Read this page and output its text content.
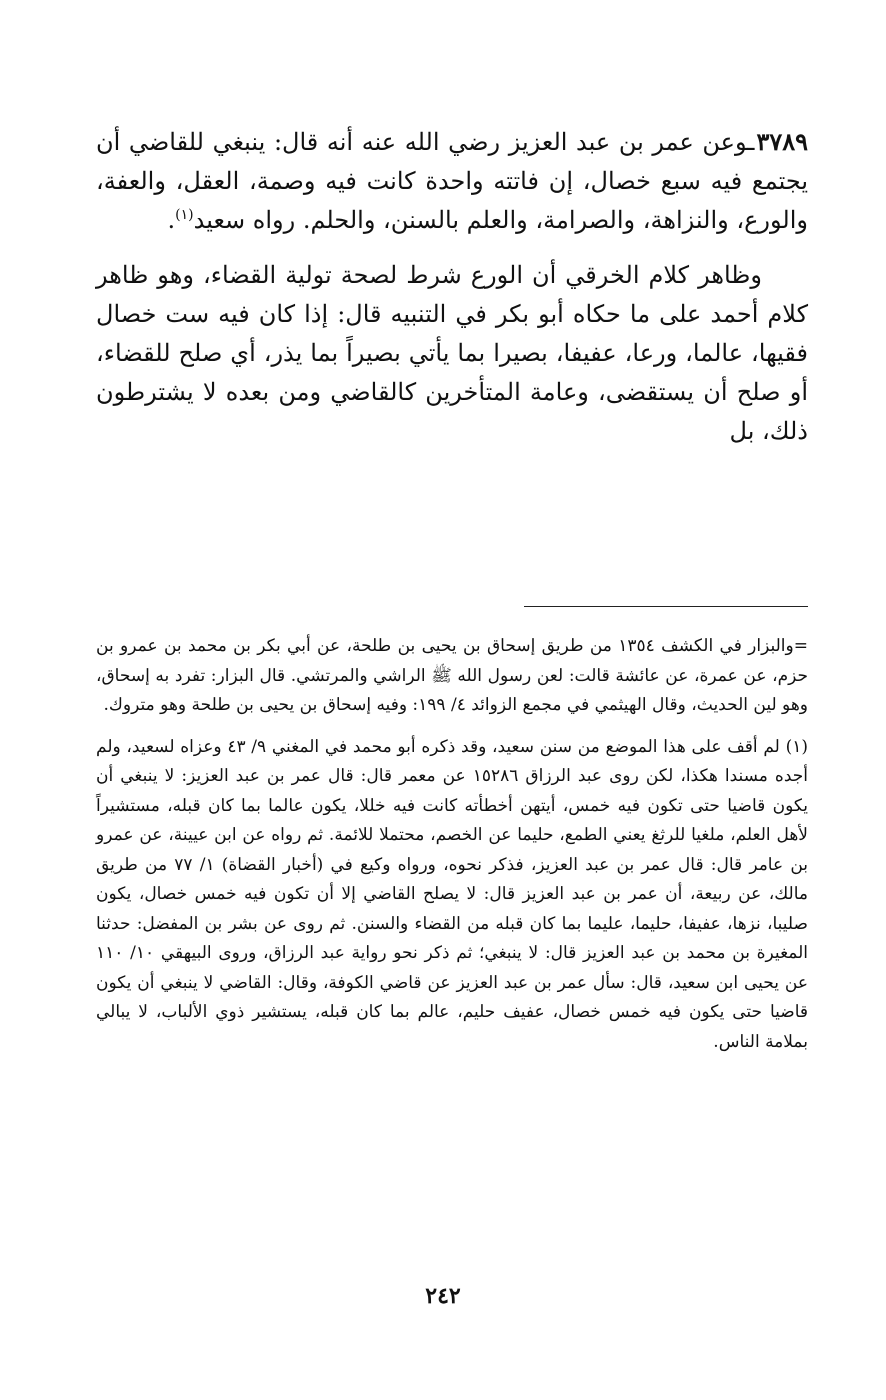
٣٧٨٩ـوعن عمر بن عبد العزيز رضي الله عنه أنه قال: ينبغي للقاضي أن يجتمع فيه سبع خصال، إن فاتته واحدة كانت فيه وصمة، العقل، والعفة، والورع، والنزاهة، والصرامة، والعلم بالسنن، والحلم. رواه سعيد$^{(١)}$.

وظاهر كلام الخرقي أن الورع شرط لصحة تولية القضاء، وهو ظاهر كلام أحمد على ما حكاه أبو بكر في التنبيه قال: إذا كان فيه ست خصال فقيها، عالما، ورعا، عفيفا، بصيرا بما يأتي بصيراً بما يذر، أي صلح للقضاء، أو صلح أن يستقضى، وعامة المتأخرين كالقاضي ومن بعده لا يشترطون ذلك، بل

=والبزار في الكشف ١٣٥٤ من طريق إسحاق بن يحيى بن طلحة، عن أبي بكر بن محمد بن عمرو بن حزم، عن عمرة، عن عائشة قالت: لعن رسول الله ﷺ الراشي والمرتشي. قال البزار: تفرد به إسحاق، وهو لين الحديث، وقال الهيثمي في مجمع الزوائد ٤/ ١٩٩: وفيه إسحاق بن يحيى بن طلحة وهو متروك.

(١) لم أقف على هذا الموضع من سنن سعيد، وقد ذكره أبو محمد في المغني ٩/ ٤٣ وعزاه لسعيد، ولم أجده مسندا هكذا، لكن روى عبد الرزاق ١٥٢٨٦ عن معمر قال: قال عمر بن عبد العزيز: لا ينبغي أن يكون قاضيا حتى تكون فيه خمس، أيتهن أخطأته كانت فيه خللا، يكون عالما بما كان قبله، مستشيراً لأهل العلم، ملغيا للرثغ يعني الطمع، حليما عن الخصم، محتملا للائمة. ثم رواه عن ابن عيينة، عن عمرو بن عامر قال: قال عمر بن عبد العزيز، فذكر نحوه، ورواه وكيع في (أخبار القضاة) ١/ ٧٧ من طريق مالك، عن ربيعة، أن عمر بن عبد العزيز قال: لا يصلح القاضي إلا أن تكون فيه خمس خصال، يكون صليبا، نزها، عفيفا، حليما، عليما بما كان قبله من القضاء والسنن. ثم روى عن بشر بن المفضل: حدثنا المغيرة بن محمد بن عبد العزيز قال: لا ينبغي؛ ثم ذكر نحو رواية عبد الرزاق، وروى البيهقي ١٠/ ١١٠ عن يحيى ابن سعيد، قال: سأل عمر بن عبد العزيز عن قاضي الكوفة، وقال: القاضي لا ينبغي أن يكون قاضيا حتى يكون فيه خمس خصال، عفيف حليم، عالم بما كان قبله، يستشير ذوي الألباب، لا يبالي بملامة الناس.

٢٤٢
